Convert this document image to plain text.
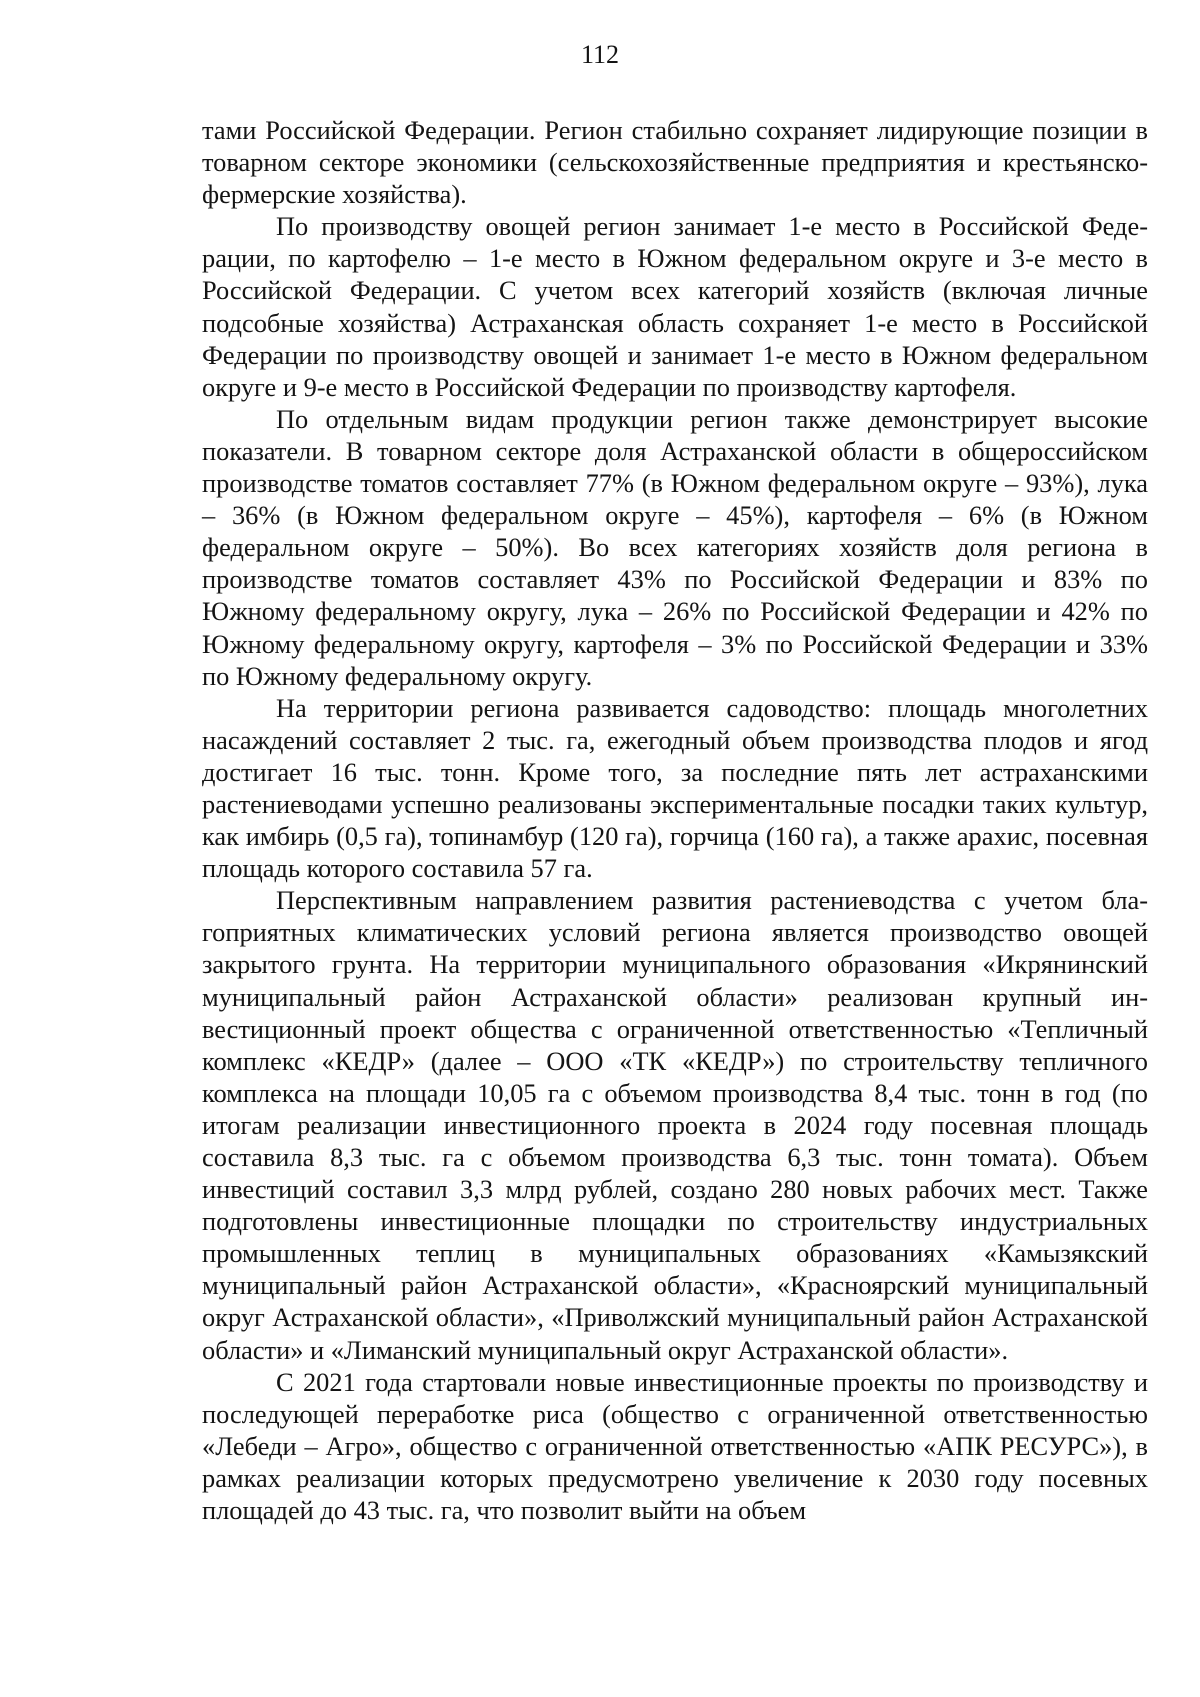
112

тами Российской Федерации. Регион стабильно сохраняет лидирующие позиции в товарном секторе экономики (сельскохозяйственные предприятия и крестьянско-фермерские хозяйства).

По производству овощей регион занимает 1-е место в Российской Федерации, по картофелю – 1-е место в Южном федеральном округе и 3-е место в Российской Федерации. С учетом всех категорий хозяйств (включая личные подсобные хозяйства) Астраханская область сохраняет 1-е место в Российской Федерации по производству овощей и занимает 1-е место в Южном федеральном округе и 9-е место в Российской Федерации по производству картофеля.

По отдельным видам продукции регион также демонстрирует высокие показатели. В товарном секторе доля Астраханской области в общероссийском производстве томатов составляет 77% (в Южном федеральном округе – 93%), лука – 36% (в Южном федеральном округе – 45%), картофеля – 6% (в Южном федеральном округе – 50%). Во всех категориях хозяйств доля региона в производстве томатов составляет 43% по Российской Федерации и 83% по Южному федеральному округу, лука – 26% по Российской Федерации и 42% по Южному федеральному округу, картофеля – 3% по Российской Федерации и 33% по Южному федеральному округу.

На территории региона развивается садоводство: площадь многолетних насаждений составляет 2 тыс. га, ежегодный объем производства плодов и ягод достигает 16 тыс. тонн. Кроме того, за последние пять лет астраханскими растениеводами успешно реализованы экспериментальные посадки таких культур, как имбирь (0,5 га), топинамбур (120 га), горчица (160 га), а также арахис, посевная площадь которого составила 57 га.

Перспективным направлением развития растениеводства с учетом благоприятных климатических условий региона является производство овощей закрытого грунта. На территории муниципального образования «Икрянинский муниципальный район Астраханской области» реализован крупный инвестиционный проект общества с ограниченной ответственностью «Тепличный комплекс «КЕДР» (далее – ООО «ТК «КЕДР») по строительству тепличного комплекса на площади 10,05 га с объемом производства 8,4 тыс. тонн в год (по итогам реализации инвестиционного проекта в 2024 году посевная площадь составила 8,3 тыс. га с объемом производства 6,3 тыс. тонн томата). Объем инвестиций составил 3,3 млрд рублей, создано 280 новых рабочих мест. Также подготовлены инвестиционные площадки по строительству индустриальных промышленных теплиц в муниципальных образованиях «Камызякский муниципальный район Астраханской области», «Красноярский муниципальный округ Астраханской области», «Приволжский муниципальный район Астраханской области» и «Лиманский муниципальный округ Астраханской области».

С 2021 года стартовали новые инвестиционные проекты по производству и последующей переработке риса (общество с ограниченной ответственностью «Лебеди – Агро», общество с ограниченной ответственностью «АПК РЕСУРС»), в рамках реализации которых предусмотрено увеличение к 2030 году посевных площадей до 43 тыс. га, что позволит выйти на объем
